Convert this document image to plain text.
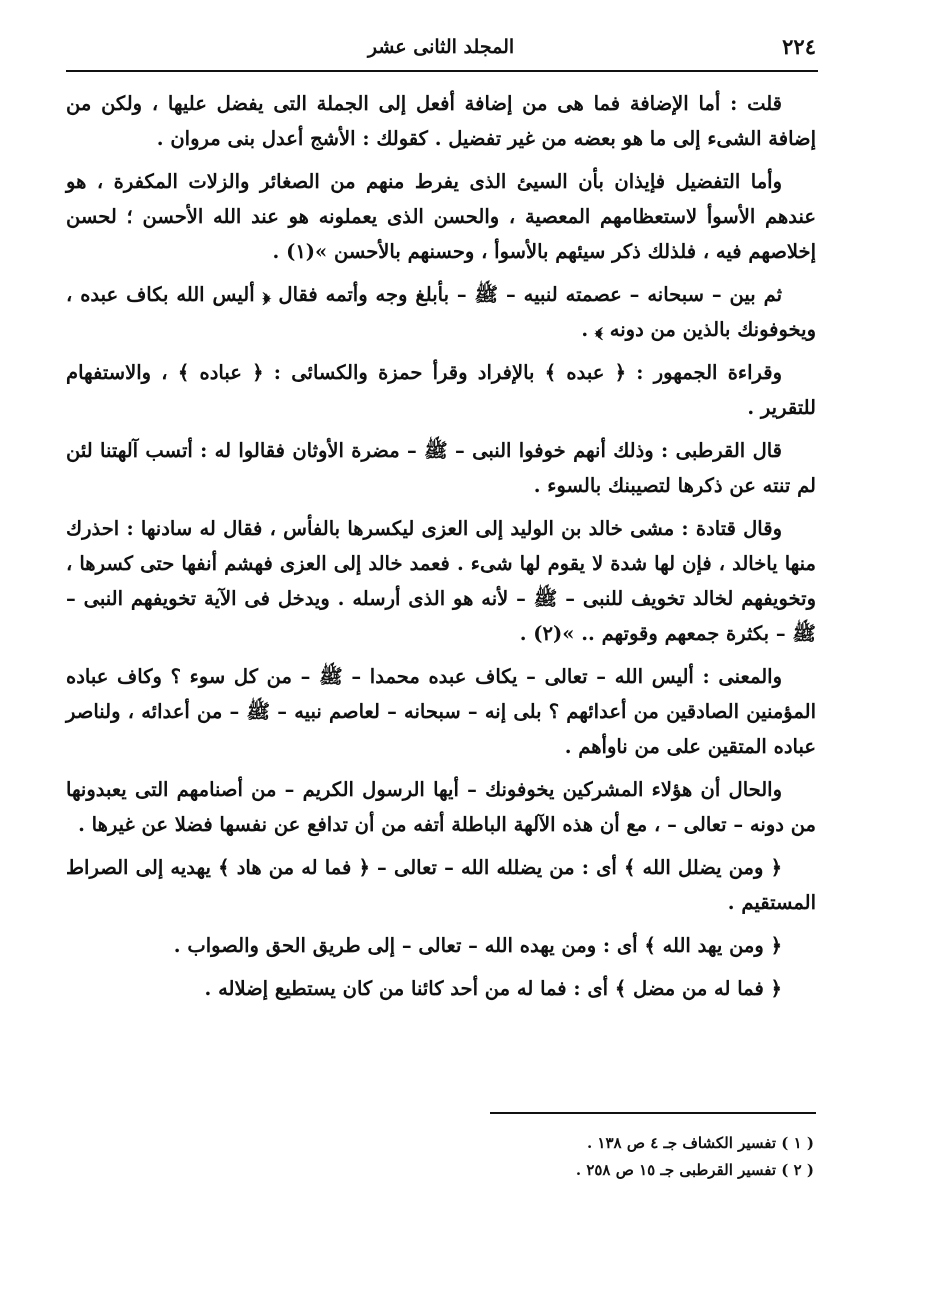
٢٢٤
المجلد الثانى عشر

قلت : أما الإضافة فما هى من إضافة أفعل إلى الجملة التى يفضل عليها ، ولكن من إضافة الشىء إلى ما هو بعضه من غير تفضيل . كقولك : الأشج أعدل بنى مروان .

وأما التفضيل فإيذان بأن السيئ الذى يفرط منهم من الصغائر والزلات المكفرة ، هو عندهم الأسوأ لاستعظامهم المعصية ، والحسن الذى يعملونه هو عند الله الأحسن ؛ لحسن إخلاصهم فيه ، فلذلك ذكر سيئهم بالأسوأ ، وحسنهم بالأحسن »(١) .

ثم بين – سبحانه – عصمته لنبيه – ﷺ – بأبلغ وجه وأتمه فقال ﴿ أليس الله بكاف عبده ، ويخوفونك بالذين من دونه ﴾ .

وقراءة الجمهور : ﴿ عبده ﴾ بالإفراد وقرأ حمزة والكسائى : ﴿ عباده ﴾ ، والاستفهام للتقرير .

قال القرطبى : وذلك أنهم خوفوا النبى – ﷺ – مضرة الأوثان فقالوا له : أتسب آلهتنا لئن لم تنته عن ذكرها لتصيبنك بالسوء .

وقال قتادة : مشى خالد بن الوليد إلى العزى ليكسرها بالفأس ، فقال له سادنها : احذرك منها ياخالد ، فإن لها شدة لا يقوم لها شىء . فعمد خالد إلى العزى فهشم أنفها حتى كسرها ، وتخويفهم لخالد تخويف للنبى – ﷺ – لأنه هو الذى أرسله . ويدخل فى الآية تخويفهم النبى – ﷺ – بكثرة جمعهم وقوتهم .. »(٢) .

والمعنى : أليس الله – تعالى – يكاف عبده محمدا – ﷺ – من كل سوء ؟ وكاف عباده المؤمنين الصادقين من أعدائهم ؟ بلى إنه – سبحانه – لعاصم نبيه – ﷺ – من أعدائه ، ولناصر عباده المتقين على من ناوأهم .

والحال أن هؤلاء المشركين يخوفونك – أيها الرسول الكريم – من أصنامهم التى يعبدونها من دونه – تعالى – ، مع أن هذه الآلهة الباطلة أتفه من أن تدافع عن نفسها فضلا عن غيرها .

﴿ ومن يضلل الله ﴾ أى : من يضلله الله – تعالى – ﴿ فما له من هاد ﴾ يهديه إلى الصراط المستقيم .

﴿ ومن يهد الله ﴾ أى : ومن يهده الله – تعالى – إلى طريق الحق والصواب .

﴿ فما له من مضل ﴾ أى : فما له من أحد كائنا من كان يستطيع إضلاله .

( ١ ) تفسير الكشاف جـ ٤ ص ١٣٨ .
( ٢ ) تفسير القرطبى جـ ١٥ ص ٢٥٨ .
